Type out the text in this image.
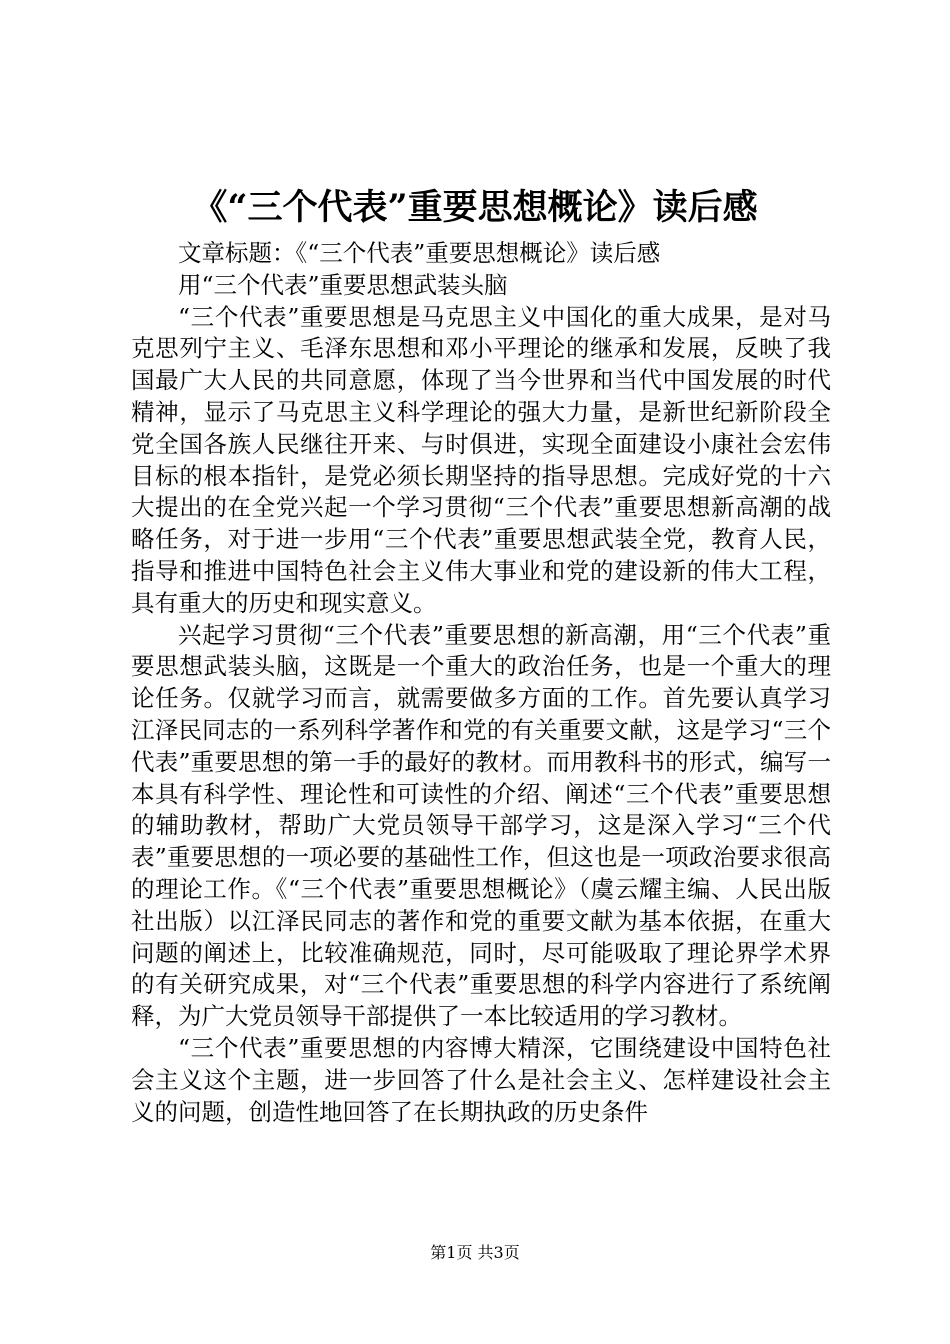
《“三个代表”重要思想概论》读后感

文章标题：《“三个代表”重要思想概论》读后感

用“三个代表”重要思想武装头脑

“三个代表”重要思想是马克思主义中国化的重大成果，是对马克思列宁主义、毛泽东思想和邓小平理论的继承和发展，反映了我国最广大人民的共同意愿，体现了当今世界和当代中国发展的时代精神，显示了马克思主义科学理论的强大力量，是新世纪新阶段全党全国各族人民继往开来、与时俱进，实现全面建设小康社会宏伟目标的根本指针，是党必须长期坚持的指导思想。完成好党的十六大提出的在全党兴起一个学习贯彻“三个代表”重要思想新高潮的战略任务，对于进一步用“三个代表”重要思想武装全党，教育人民，指导和推进中国特色社会主义伟大事业和党的建设新的伟大工程，具有重大的历史和现实意义。

兴起学习贯彻“三个代表”重要思想的新高潮，用“三个代表”重要思想武装头脑，这既是一个重大的政治任务，也是一个重大的理论任务。仅就学习而言，就需要做多方面的工作。首先要认真学习江泽民同志的一系列科学著作和党的有关重要文献，这是学习“三个代表”重要思想的第一手的最好的教材。而用教科书的形式，编写一本具有科学性、理论性和可读性的介绍、阐述“三个代表”重要思想的辅助教材，帮助广大党员领导干部学习，这是深入学习“三个代表”重要思想的一项必要的基础性工作，但这也是一项政治要求很高的理论工作。《“三个代表”重要思想概论》（虞云耀主编、人民出版社出版）以江泽民同志的著作和党的重要文献为基本依据，在重大问题的阐述上，比较准确规范，同时，尽可能吸取了理论界学术界的有关研究成果，对“三个代表”重要思想的科学内容进行了系统阐释，为广大党员领导干部提供了一本比较适用的学习教材。

“三个代表”重要思想的内容博大精深，它围绕建设中国特色社会主义这个主题，进一步回答了什么是社会主义、怎样建设社会主义的问题，创造性地回答了在长期执政的历史条件

第1页 共3页
